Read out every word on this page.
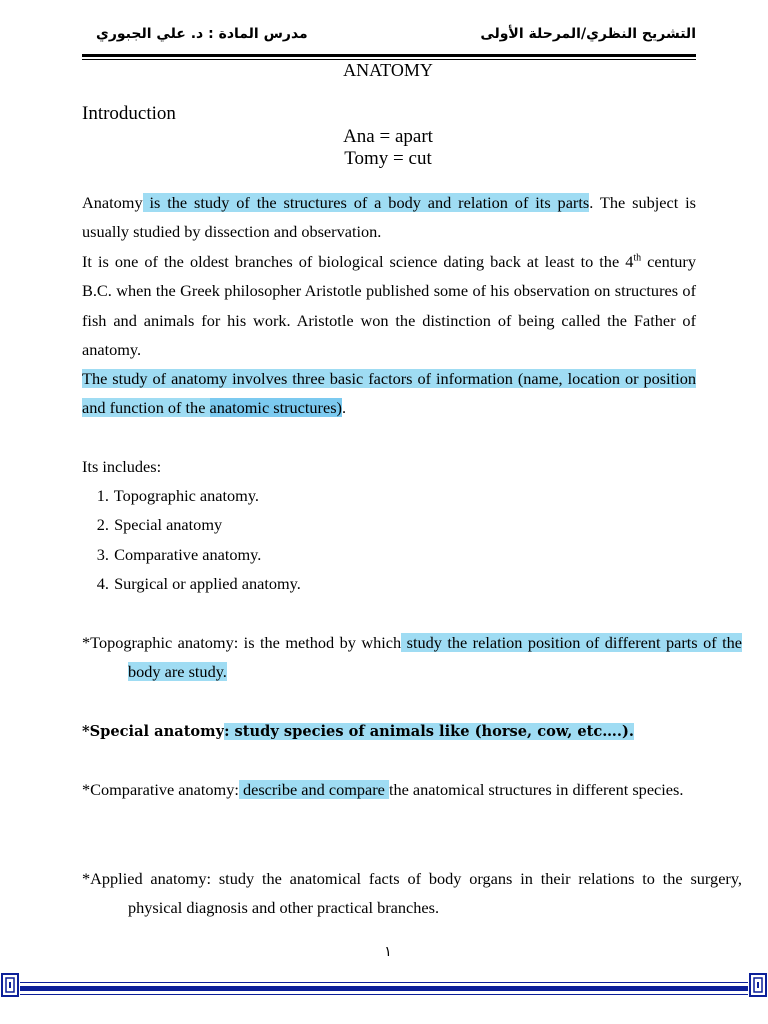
التشريح النظري/المرحلة الأولى
مدرس المادة : د. علي الجبوري
ANATOMY
Introduction
Ana = apart
Tomy = cut
Anatomy is the study of the structures of a body and relation of its parts. The subject is usually studied by dissection and observation.
It is one of the oldest branches of biological science dating back at least to the 4th century B.C. when the Greek philosopher Aristotle published some of his observation on structures of fish and animals for his work. Aristotle won the distinction of being called the Father of anatomy.
The study of anatomy involves three basic factors of information (name, location or position and function of the anatomic structures).
Its includes:
1. Topographic anatomy.
2. Special anatomy
3. Comparative anatomy.
4. Surgical or applied anatomy.
*Topographic anatomy: is the method by which study the relation position of different parts of the body are study.
*Special anatomy: study species of animals like (horse, cow, etc….).
*Comparative anatomy: describe and compare the anatomical structures in different species.
*Applied anatomy: study the anatomical facts of body organs in their relations to the surgery, physical diagnosis and other practical branches.
١
